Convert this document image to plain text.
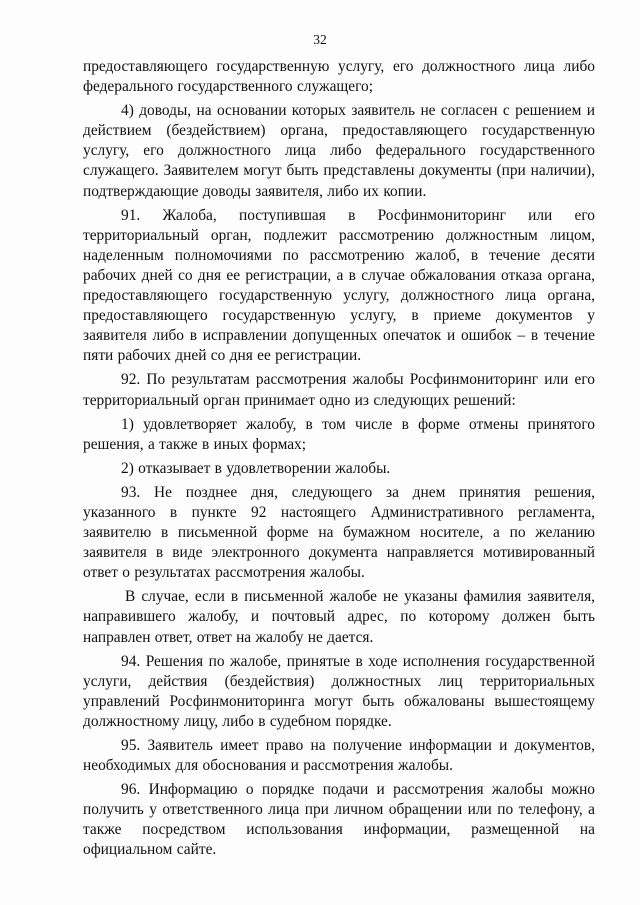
32

предоставляющего государственную услугу, его должностного лица либо федерального государственного служащего;

4) доводы, на основании которых заявитель не согласен с решением и действием (бездействием) органа, предоставляющего государственную услугу, его должностного лица либо федерального государственного служащего. Заявителем могут быть представлены документы (при наличии), подтверждающие доводы заявителя, либо их копии.

91. Жалоба, поступившая в Росфинмониторинг или его территориальный орган, подлежит рассмотрению должностным лицом, наделенным полномочиями по рассмотрению жалоб, в течение десяти рабочих дней со дня ее регистрации, а в случае обжалования отказа органа, предоставляющего государственную услугу, должностного лица органа, предоставляющего государственную услугу, в приеме документов у заявителя либо в исправлении допущенных опечаток и ошибок – в течение пяти рабочих дней со дня ее регистрации.

92. По результатам рассмотрения жалобы Росфинмониторинг или его территориальный орган принимает одно из следующих решений:

1) удовлетворяет жалобу, в том числе в форме отмены принятого решения, а также в иных формах;

2) отказывает в удовлетворении жалобы.

93. Не позднее дня, следующего за днем принятия решения, указанного в пункте 92 настоящего Административного регламента, заявителю в письменной форме на бумажном носителе, а по желанию заявителя в виде электронного документа направляется мотивированный ответ о результатах рассмотрения жалобы.

В случае, если в письменной жалобе не указаны фамилия заявителя, направившего жалобу, и почтовый адрес, по которому должен быть направлен ответ, ответ на жалобу не дается.

94. Решения по жалобе, принятые в ходе исполнения государственной услуги, действия (бездействия) должностных лиц территориальных управлений Росфинмониторинга могут быть обжалованы вышестоящему должностному лицу, либо в судебном порядке.

95. Заявитель имеет право на получение информации и документов, необходимых для обоснования и рассмотрения жалобы.

96. Информацию о порядке подачи и рассмотрения жалобы можно получить у ответственного лица при личном обращении или по телефону, а также посредством использования информации, размещенной на официальном сайте.
